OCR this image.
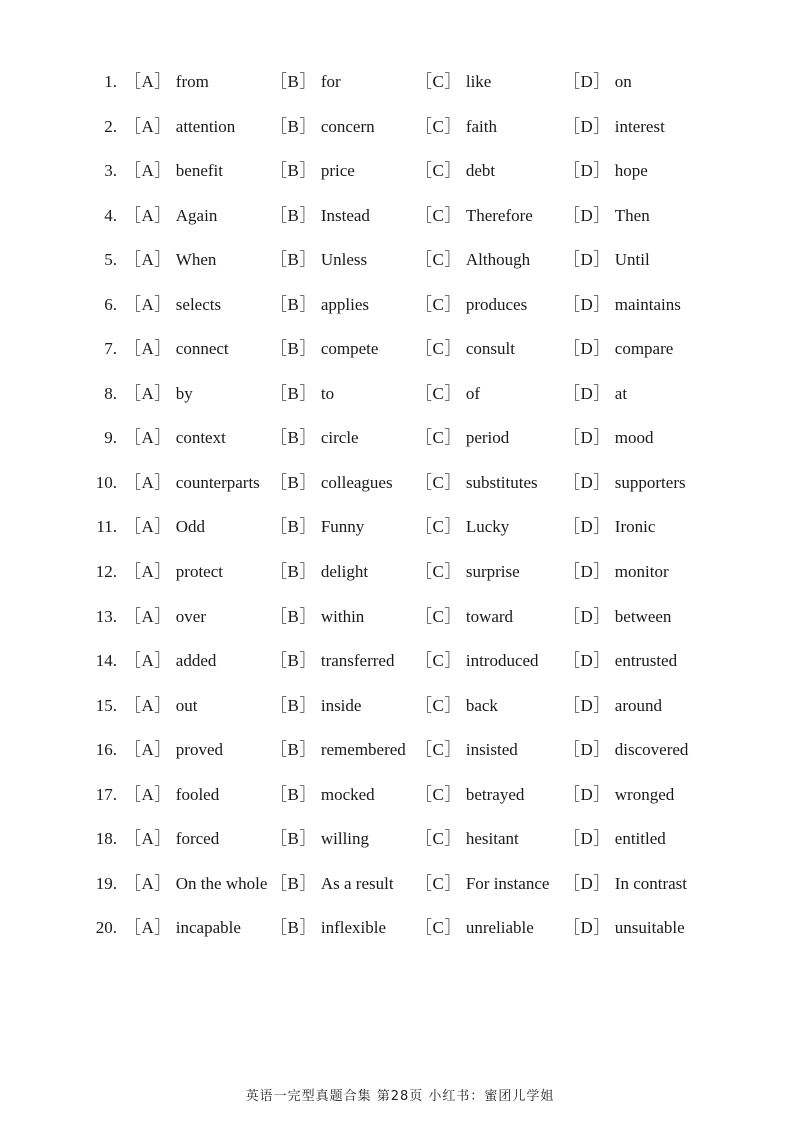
1. ［A］ from	［B］ for	［C］ like	［D］ on
2. ［A］ attention ［B］ concern ［C］ faith	［D］ interest
3. ［A］ benefit	［B］ price	［C］ debt	［D］ hope
4. ［A］ Again	［B］ Instead	［C］ Therefore ［D］ Then
5. ［A］ When	［B］ Unless	［C］ Although ［D］ Until
6. ［A］ selects	［B］ applies	［C］ produces ［D］ maintains
7. ［A］ connect ［B］ compete ［C］ consult	［D］ compare
8. ［A］ by	［B］ to	［C］ of	［D］ at
9. ［A］ context	［B］ circle	［C］ period	［D］ mood
10. ［A］ counterparts ［B］ colleagues ［C］ substitutes ［D］ supporters
11. ［A］ Odd	［B］ Funny	［C］ Lucky	［D］ Ironic
12. ［A］ protect	［B］ delight	［C］ surprise	［D］ monitor
13. ［A］ over	［B］ within	［C］ toward	［D］ between
14. ［A］ added	［B］ transferred ［C］ introduced ［D］ entrusted
15. ［A］ out	［B］ inside	［C］ back	［D］ around
16. ［A］ proved	［B］ remembered ［C］ insisted	［D］ discovered
17. ［A］ fooled	［B］ mocked ［C］ betrayed ［D］ wronged
18. ［A］ forced	［B］ willing	［C］ hesitant	［D］ entitled
19. ［A］ On the whole ［B］ As a result ［C］ For instance ［D］ In contrast
20. ［A］ incapable ［B］ inflexible ［C］ unreliable ［D］ unsuitable
英语一完型真题合集 第28页 小红书：蜜团儿学姐
